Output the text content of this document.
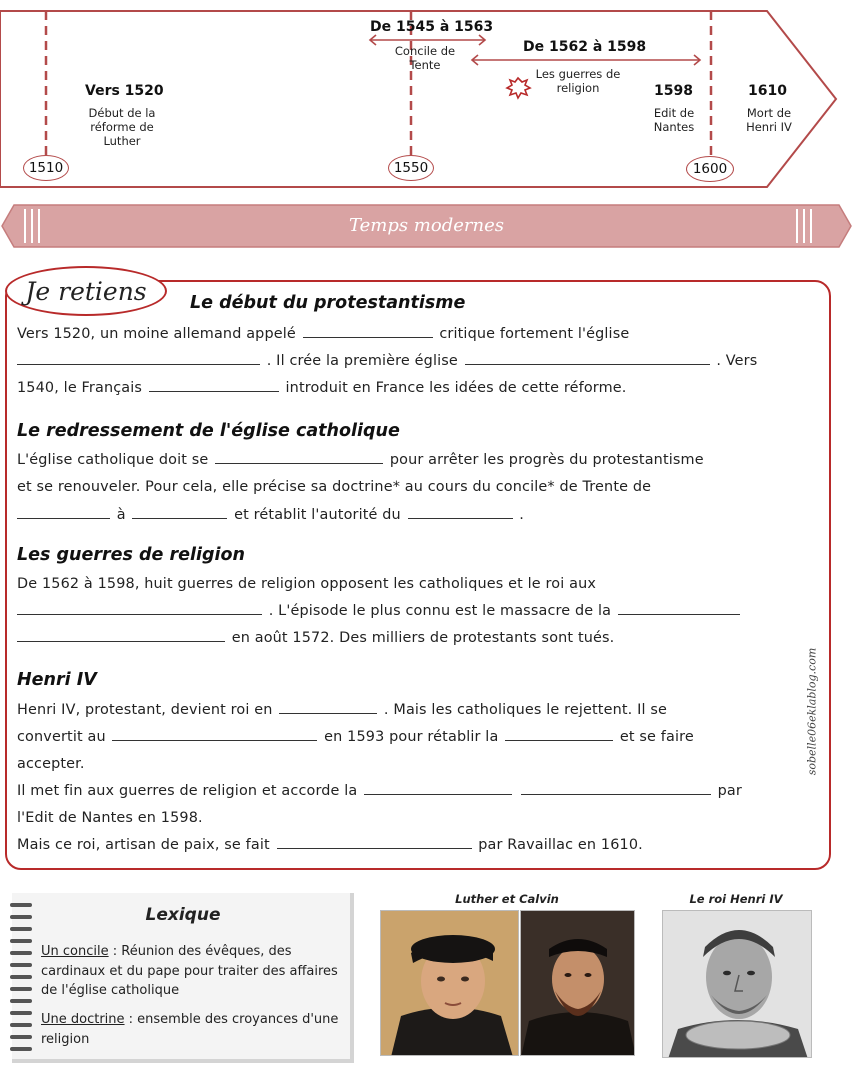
Vers 1520
Début de la réforme de Luther
De 1545 à 1563
Concile de Tente
De 1562 à 1598
Les guerres de religion	1598
Edit de Nantes
1610
Mort de Henri IV
1510	1550	1600
Temps modernes
Je retiens	Le début du protestantisme
Vers 1520, un moine allemand appelé	critique fortement l'église
. Il crée la première église	. Vers
1540, le Français	introduit en France les idées de cette réforme.
Le redressement de l'église catholique
L'église catholique doit se	pour arrêter les progrès du protestantisme
et se renouveler. Pour cela, elle précise sa doctrine* au cours du concile* de Trente de
à	et rétablit l'autorité du	.
Les guerres de religion
De 1562 à 1598, huit guerres de religion opposent les catholiques et le roi aux
. L'épisode le plus connu est le massacre de la
en août 1572. Des milliers de protestants sont tués.
Henri IV
Henri IV, protestant, devient roi en	. Mais les catholiques le rejettent. Il se
convertit au	en 1593 pour rétablir la	et se faire
accepter.
Il met fin aux guerres de religion et accorde la	par
l'Edit de Nantes en 1598.
Mais ce roi, artisan de paix, se fait	par Ravaillac en 1610.
sobelle06eklablog.com
Lexique
Un concile : Réunion des évêques, des cardinaux et du pape pour traiter des affaires de l'église catholique
Une doctrine : ensemble des croyances d'une religion
Luther et Calvin	Le roi Henri IV
